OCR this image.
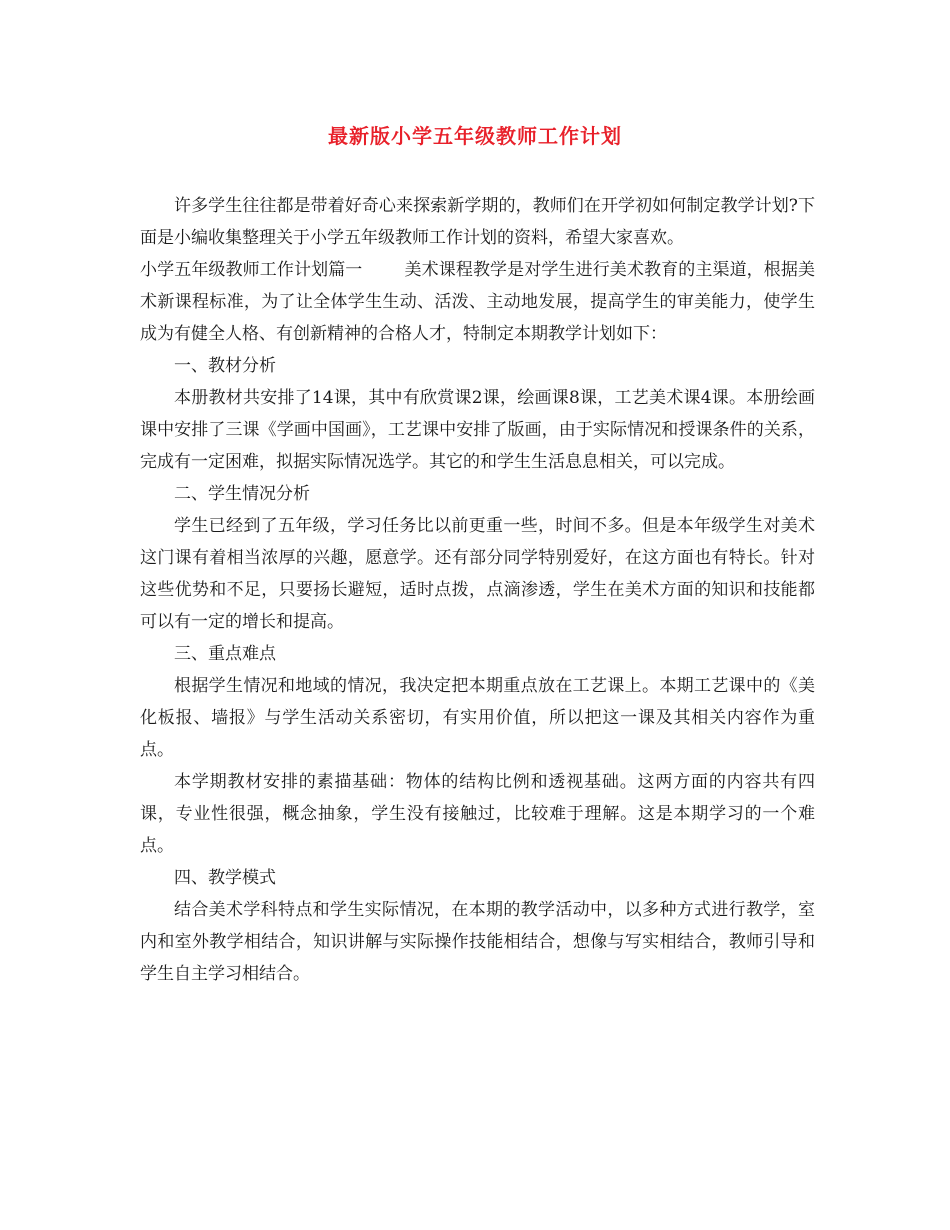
最新版小学五年级教师工作计划

许多学生往往都是带着好奇心来探索新学期的，教师们在开学初如何制定教学计划?下面是小编收集整理关于小学五年级教师工作计划的资料，希望大家喜欢。

小学五年级教师工作计划篇一 美术课程教学是对学生进行美术教育的主渠道，根据美术新课程标准，为了让全体学生生动、活泼、主动地发展，提高学生的审美能力，使学生成为有健全人格、有创新精神的合格人才，特制定本期教学计划如下：

一、教材分析

本册教材共安排了14课，其中有欣赏课2课，绘画课8课，工艺美术课4课。本册绘画课中安排了三课《学画中国画》，工艺课中安排了版画，由于实际情况和授课条件的关系，完成有一定困难，拟据实际情况选学。其它的和学生生活息息相关，可以完成。

二、学生情况分析

学生已经到了五年级，学习任务比以前更重一些，时间不多。但是本年级学生对美术这门课有着相当浓厚的兴趣，愿意学。还有部分同学特别爱好，在这方面也有特长。针对这些优势和不足，只要扬长避短，适时点拨，点滴渗透，学生在美术方面的知识和技能都可以有一定的增长和提高。

三、重点难点

根据学生情况和地域的情况，我决定把本期重点放在工艺课上。本期工艺课中的《美化板报、墙报》与学生活动关系密切，有实用价值，所以把这一课及其相关内容作为重点。

本学期教材安排的素描基础：物体的结构比例和透视基础。这两方面的内容共有四课，专业性很强，概念抽象，学生没有接触过，比较难于理解。这是本期学习的一个难点。

四、教学模式

结合美术学科特点和学生实际情况，在本期的教学活动中，以多种方式进行教学，室内和室外教学相结合，知识讲解与实际操作技能相结合，想像与写实相结合，教师引导和学生自主学习相结合。
